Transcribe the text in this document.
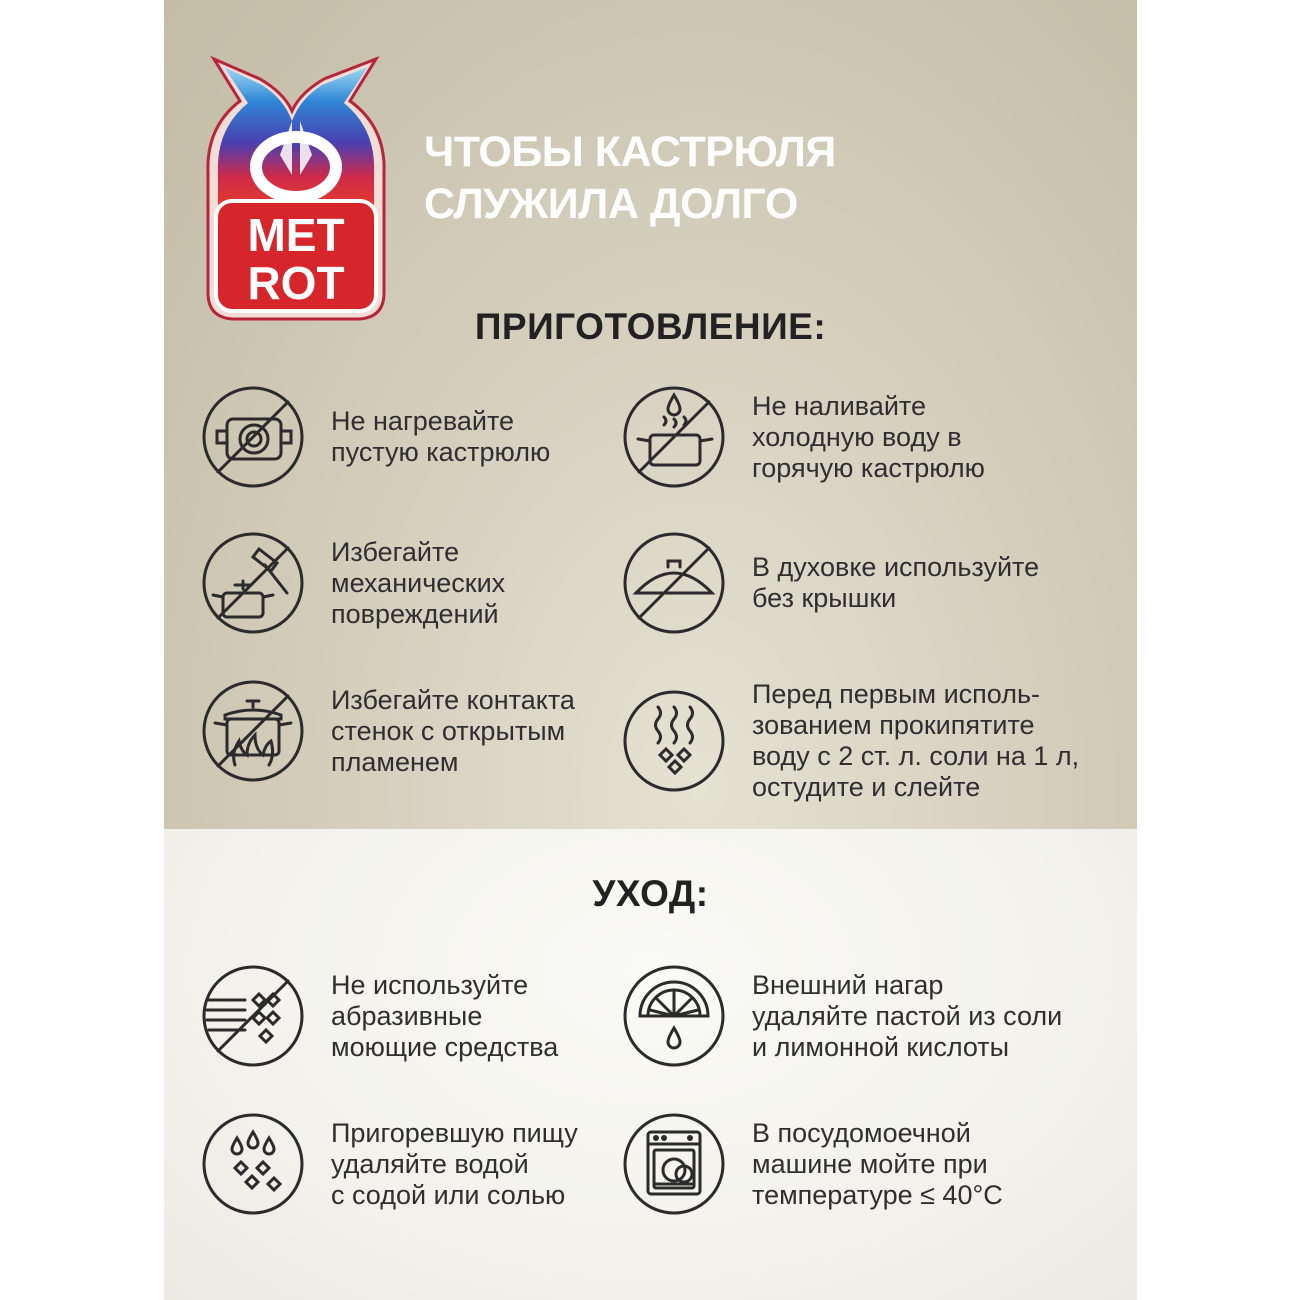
MET
ROT
ЧТОБЫ КАСТРЮЛЯ
СЛУЖИЛА ДОЛГО
ПРИГОТОВЛЕНИЕ:
Не нагревайте
пустую кастрюлю
Не наливайте
холодную воду в
горячую кастрюлю
Избегайте
механических
повреждений
В духовке используйте
без крышки
Избегайте контакта
стенок с открытым
пламенем
Перед первым исполь-
зованием прокипятите
воду с 2 ст. л. соли на 1 л,
остудите и слейте
УХОД:
Не используйте
абразивные
моющие средства
Внешний нагар
удаляйте пастой из соли
и лимонной кислоты
Пригоревшую пищу
удаляйте водой
с содой или солью
В посудомоечной
машине мойте при
температуре ≤ 40°С
